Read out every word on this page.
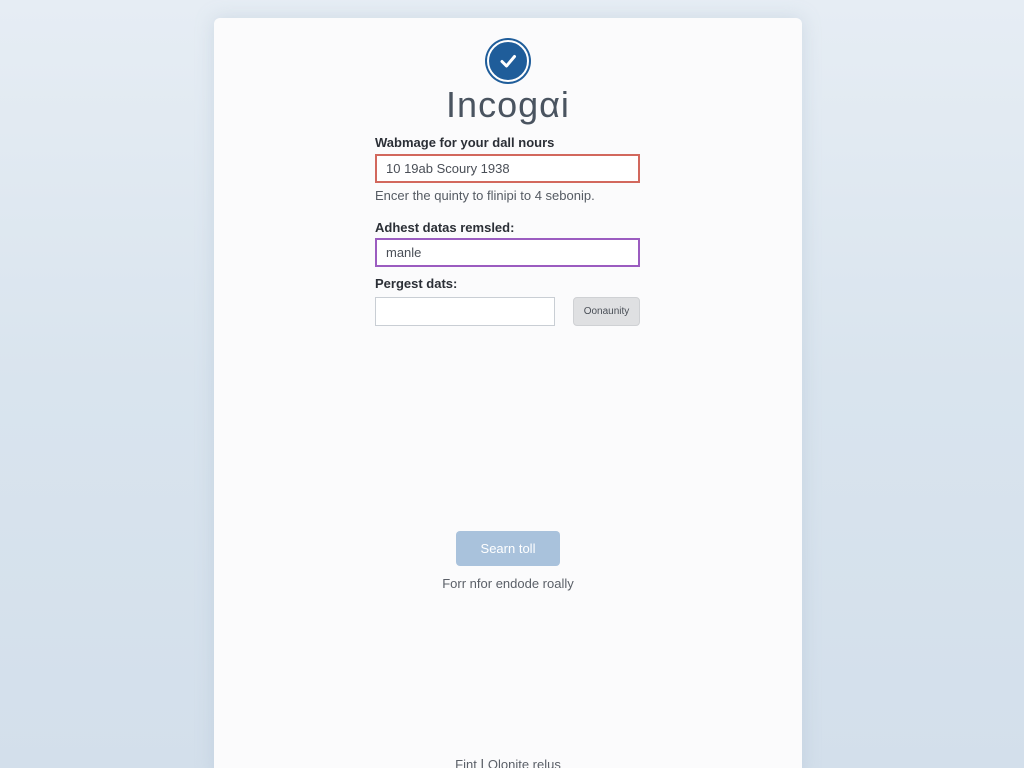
Incogαi
Wabmage for your dall nours
10 19ab Scoury 1938
Encer the quinty to flinipi to 4 sebonip.
Adhest datas remsled:
manle
Pergest dats:
Oonaunity
Searn toll
Forr nfor endode roally
Fint Ⅰ Olonite relus
